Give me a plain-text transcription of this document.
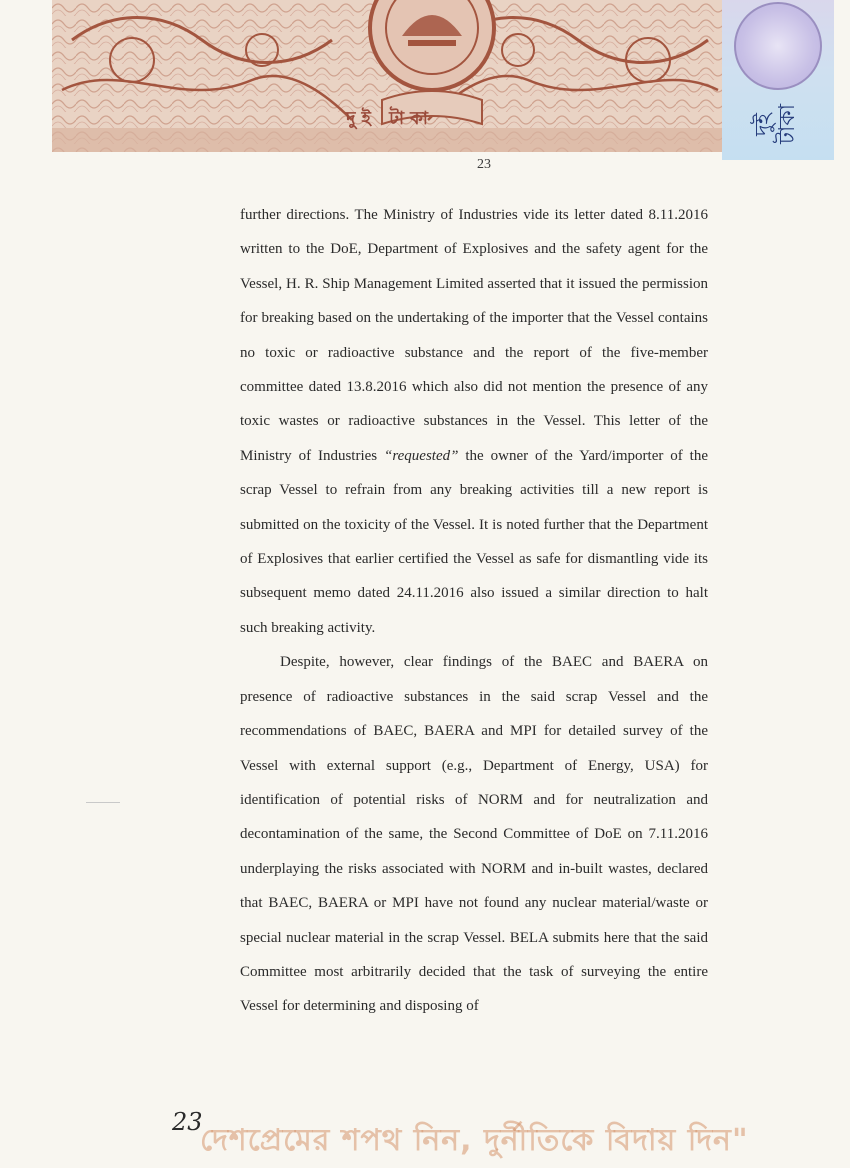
দুই টাকা	দুই টাকা
23

further directions. The Ministry of Industries vide its letter dated 8.11.2016 written to the DoE, Department of Explosives and the safety agent for the Vessel, H. R. Ship Management Limited asserted that it issued the permission for breaking based on the undertaking of the importer that the Vessel contains no toxic or radioactive substance and the report of the five-member committee dated 13.8.2016 which also did not mention the presence of any toxic wastes or radioactive substances in the Vessel. This letter of the Ministry of Industries “requested” the owner of the Yard/importer of the scrap Vessel to refrain from any breaking activities till a new report is submitted on the toxicity of the Vessel. It is noted further that the Department of Explosives that earlier certified the Vessel as safe for dismantling vide its subsequent memo dated 24.11.2016 also issued a similar direction to halt such breaking activity.

Despite, however, clear findings of the BAEC and BAERA on presence of radioactive substances in the said scrap Vessel and the recommendations of BAEC, BAERA and MPI for detailed survey of the Vessel with external support (e.g., Department of Energy, USA) for identification of potential risks of NORM and for neutralization and decontamination of the same, the Second Committee of DoE on 7.11.2016 underplaying the risks associated with NORM and in-built wastes, declared that BAEC, BAERA or MPI have not found any nuclear material/waste or special nuclear material in the scrap Vessel. BELA submits here that the said Committee most arbitrarily decided that the task of surveying the entire Vessel for determining and disposing of

দেশপ্রেমের শপথ নিন, দুর্নীতিকে বিদায় দিন"
23
